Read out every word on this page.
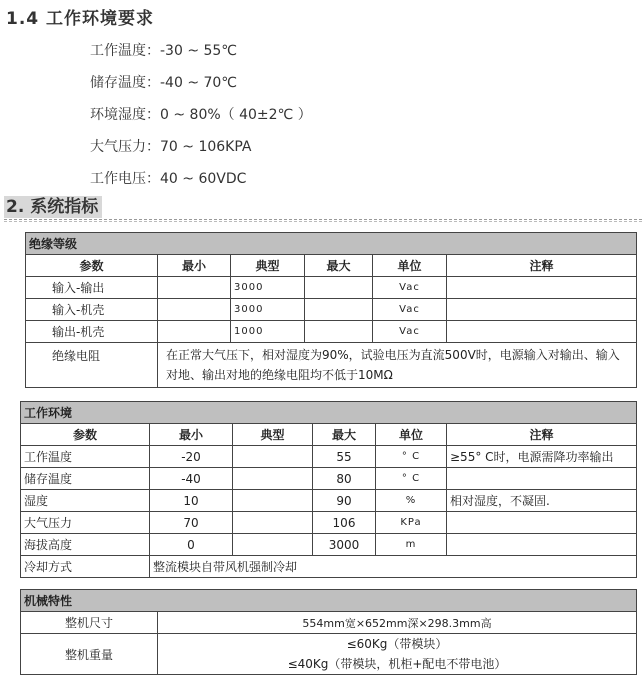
1.4 工作环境要求
工作温度：-30 ~ 55℃
储存温度：-40 ~ 70℃
环境湿度：0 ~ 80%（ 40±2℃ ）
大气压力：70 ~ 106KPA
工作电压：40 ~ 60VDC
2. 系统指标
绝缘等级					
参数	最小	典型	最大	单位	注释
输入-输出		3000		Vac	
输入-机壳		3000		Vac	
输出-机壳		1000		Vac	
绝缘电阻	在正常大气压下，相对湿度为90%，试验电压为直流500V时，电源输入对输出、输入对地、输出对地的绝缘电阻均不低于10MΩ				
工作环境					
参数	最小	典型	最大	单位	注释
工作温度	-20		55	° C	≥55° C时，电源需降功率输出
储存温度	-40		80	° C	
湿度	10		90	%	相对湿度，不凝固.
大气压力	70		106	KPa	
海拔高度	0		3000	m	
冷却方式	整流模块自带风机强制冷却				
机械特性	
整机尺寸	554mm宽×652mm深×298.3mm高
整机重量	≤60Kg（带模块）
≤40Kg（带模块，机柜+配电不带电池）
